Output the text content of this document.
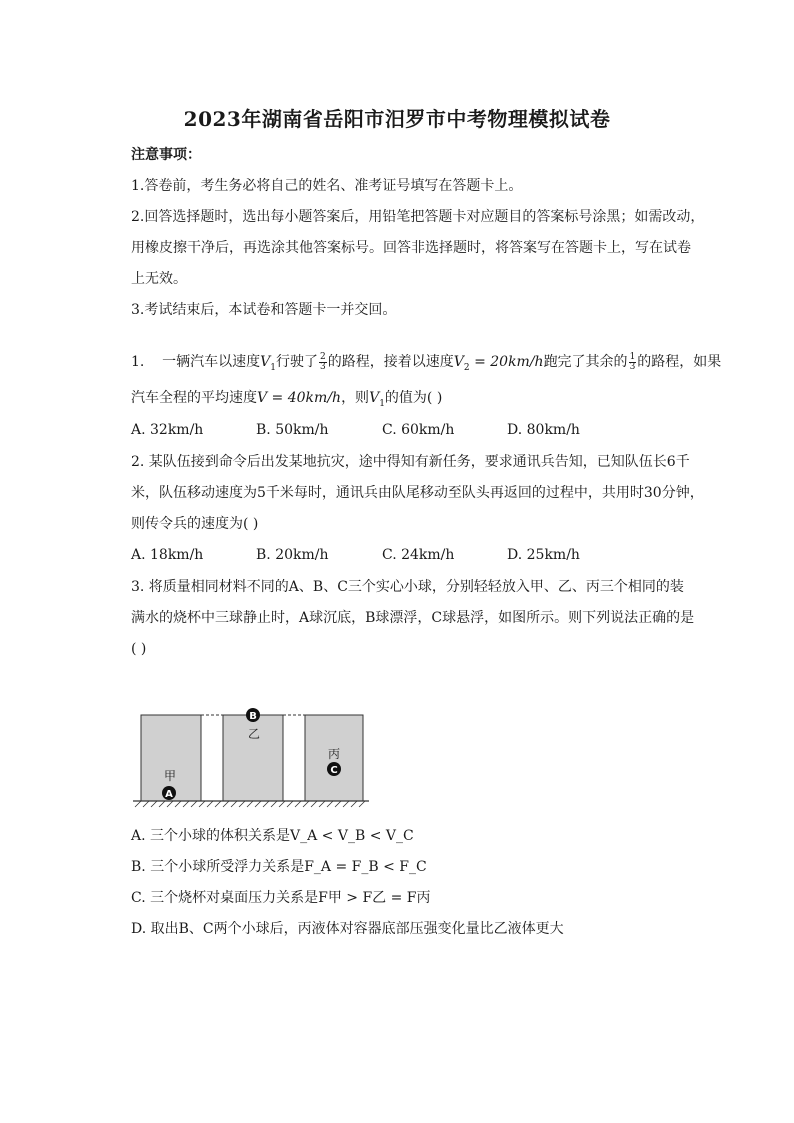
2023年湖南省岳阳市汨罗市中考物理模拟试卷
注意事项：
1.答卷前，考生务必将自己的姓名、准考证号填写在答题卡上。
2.回答选择题时，选出每小题答案后，用铅笔把答题卡对应题目的答案标号涂黑；如需改动，
用橡皮擦干净后，再选涂其他答案标号。回答非选择题时，将答案写在答题卡上，写在试卷
上无效。
3.考试结束后，本试卷和答题卡一并交回。
1. 一辆汽车以速度$V_1$行驶了 $\frac{2}{3}$ 的路程，接着以速度$V_2 = 20km/h$跑完了其余的 $\frac{1}{3}$ 的路程，如果
汽车全程的平均速度V = 40km/h，则$V_1$的值为( )
A. 32km/h	B. 50km/h	C. 60km/h	D. 80km/h
2. 某队伍接到命令后出发某地抗灾，途中得知有新任务，要求通讯兵告知，已知队伍长6千
米，队伍移动速度为5千米每时，通讯兵由队尾移动至队头再返回的过程中，共用时30分钟，
则传令兵的速度为( )
A. 18km/h	B. 20km/h	C. 24km/h	D. 25km/h
3. 将质量相同材料不同的A、B、C三个实心小球，分别轻轻放入甲、乙、丙三个相同的装
满水的烧杯中三球静止时，A球沉底，B球漂浮，C球悬浮，如图所示。则下列说法正确的是
( )
甲
乙
丙
A
B
C
A. 三个小球的体积关系是V_A < V_B < V_C
B. 三个小球所受浮力关系是F_A = F_B < F_C
C. 三个烧杯对桌面压力关系是F甲 > F乙 = F丙
D. 取出B、C两个小球后，丙液体对容器底部压强变化量比乙液体更大
